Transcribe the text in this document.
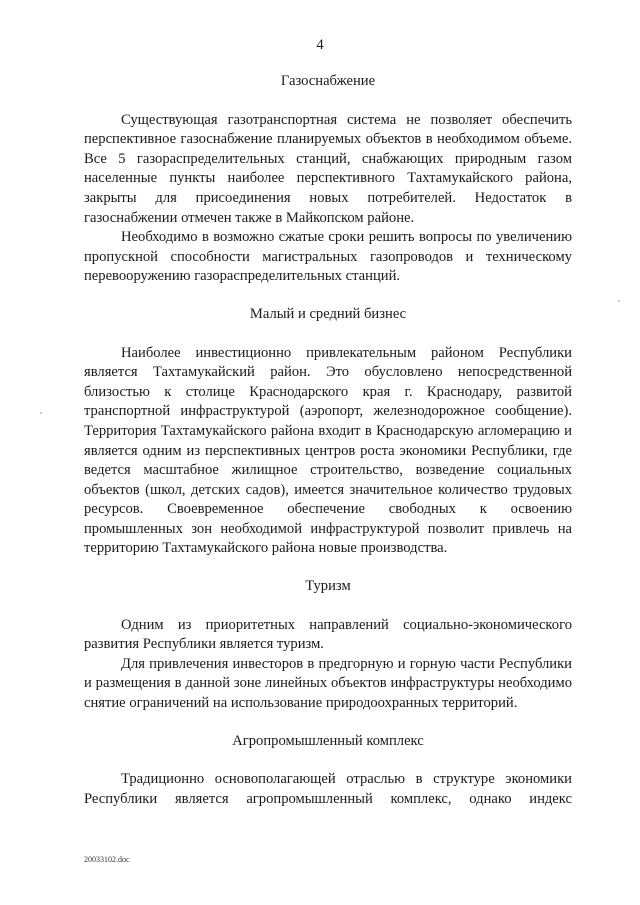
4
Газоснабжение

Существующая газотранспортная система не позволяет обеспечить перспективное газоснабжение планируемых объектов в необходимом объеме. Все 5 газораспределительных станций, снабжающих природным газом населенные пункты наиболее перспективного Тахтамукайского района, закрыты для присоединения новых потребителей. Недостаток в газоснабжении отмечен также в Майкопском районе.

Необходимо в возможно сжатые сроки решить вопросы по увеличению пропускной способности магистральных газопроводов и техническому перевооружению газораспределительных станций.

Малый и средний бизнес

Наиболее инвестиционно привлекательным районом Республики является Тахтамукайский район. Это обусловлено непосредственной близостью к столице Краснодарского края г. Краснодару, развитой транспортной инфраструктурой (аэропорт, железнодорожное сообщение). Территория Тахтамукайского района входит в Краснодарскую агломерацию и является одним из перспективных центров роста экономики Республики, где ведется масштабное жилищное строительство, возведение социальных объектов (школ, детских садов), имеется значительное количество трудовых ресурсов. Своевременное обеспечение свободных к освоению промышленных зон необходимой инфраструктурой позволит привлечь на территорию Тахтамукайского района новые производства.

Туризм

Одним из приоритетных направлений социально-экономического развития Республики является туризм.

Для привлечения инвесторов в предгорную и горную части Республики и размещения в данной зоне линейных объектов инфраструктуры необходимо снятие ограничений на использование природоохранных территорий.

Агропромышленный комплекс

Традиционно основополагающей отраслью в структуре экономики Республики является агропромышленный комплекс, однако индекс

20033102.doc
